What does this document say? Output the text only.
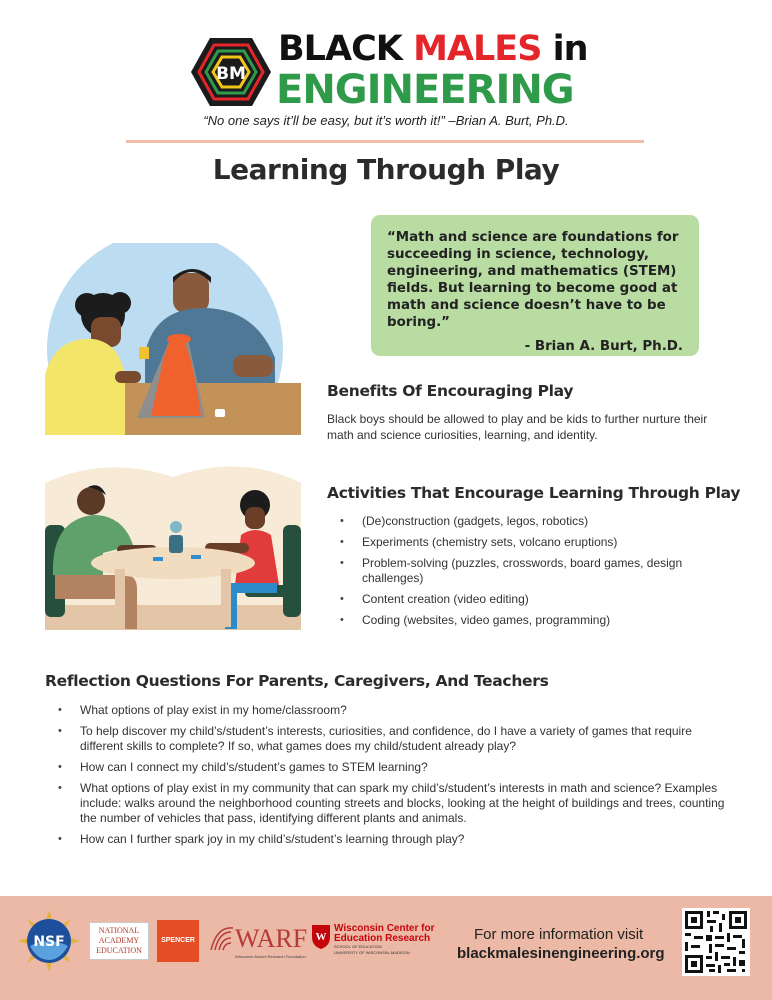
BM
BLACK MALES in
ENGINEERING
“No one says it’ll be easy, but it’s worth it!” –Brian A. Burt, Ph.D.
Learning Through Play
“Math and science are foundations for succeeding in science, technology, engineering, and mathematics (STEM) fields. But learning to become good at math and science doesn’t have to be boring.”
- Brian A. Burt, Ph.D.
Benefits Of Encouraging Play
Black boys should be allowed to play and be kids to further nurture their math and science curiosities, learning, and identity.
Activities That Encourage Learning Through Play
• (De)construction (gadgets, legos, robotics)
• Experiments (chemistry sets, volcano eruptions)
• Problem-solving (puzzles, crosswords, board games, design challenges)
• Content creation (video editing)
• Coding (websites, video games, programming)
Reflection Questions For Parents, Caregivers, And Teachers
• What options of play exist in my home/classroom?
• To help discover my child’s/student’s interests, curiosities, and confidence, do I have a variety of games that require different skills to complete? If so, what games does my child/student already play?
• How can I connect my child’s/student’s games to STEM learning?
• What options of play exist in my community that can spark my child’s/student’s interests in math and science? Examples include: walks around the neighborhood counting streets and blocks, looking at the height of buildings and trees, counting the number of vehicles that pass, identifying different plants and animals.
• How can I further spark joy in my child’s/student’s learning through play?
NSF
NATIONAL
ACADEMY
EDUCATION
SPENCER WARF
Wisconsin Alumni Research Foundation
W
Wisconsin Center for
Education Research
SCHOOL OF EDUCATION
UNIVERSITY OF WISCONSIN–MADISON
For more information visit
blackmalesinengineering.org
